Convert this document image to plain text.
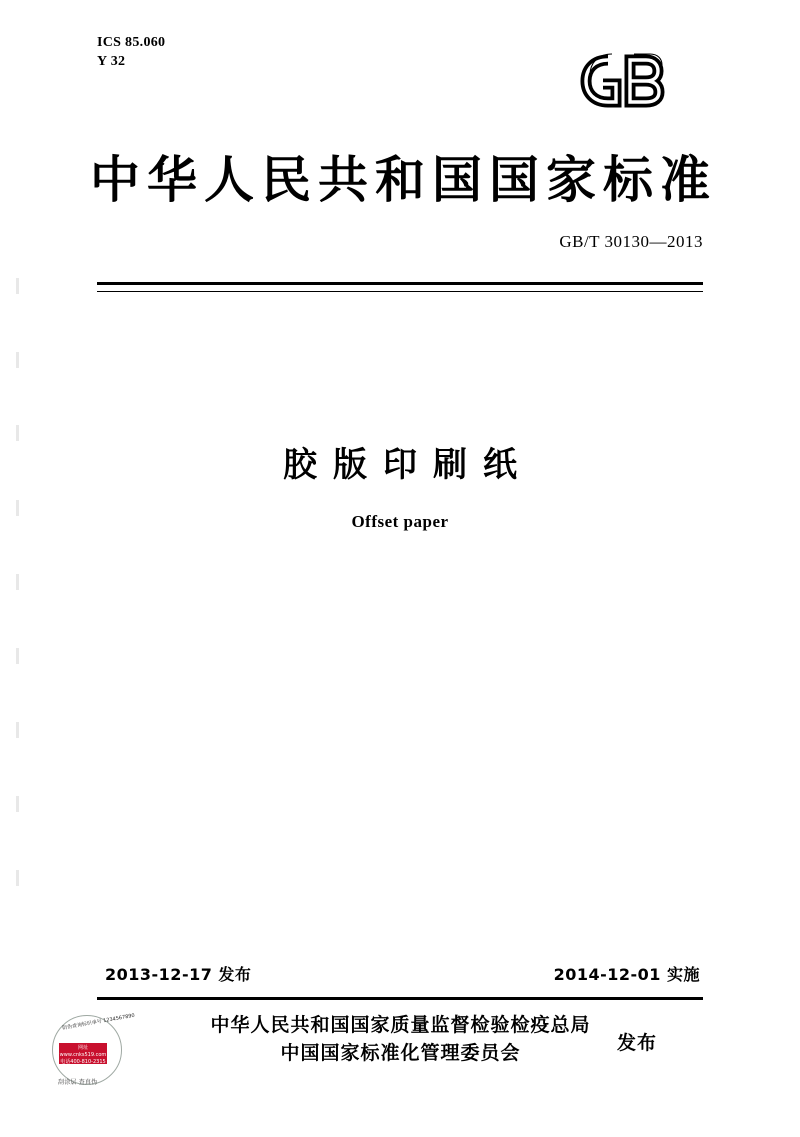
ICS 85.060
Y 32
中华人民共和国国家标准
GB/T 30130—2013
胶版印刷纸
Offset paper
2013-12-17 发布	2014-12-01 实施
中华人民共和国国家质量监督检验检疫总局
中国国家标准化管理委员会	发布
防伪查询标识单号 1234567890
网址www.cnks519.com
电话400-810-2315
刮涂层 查真伪
